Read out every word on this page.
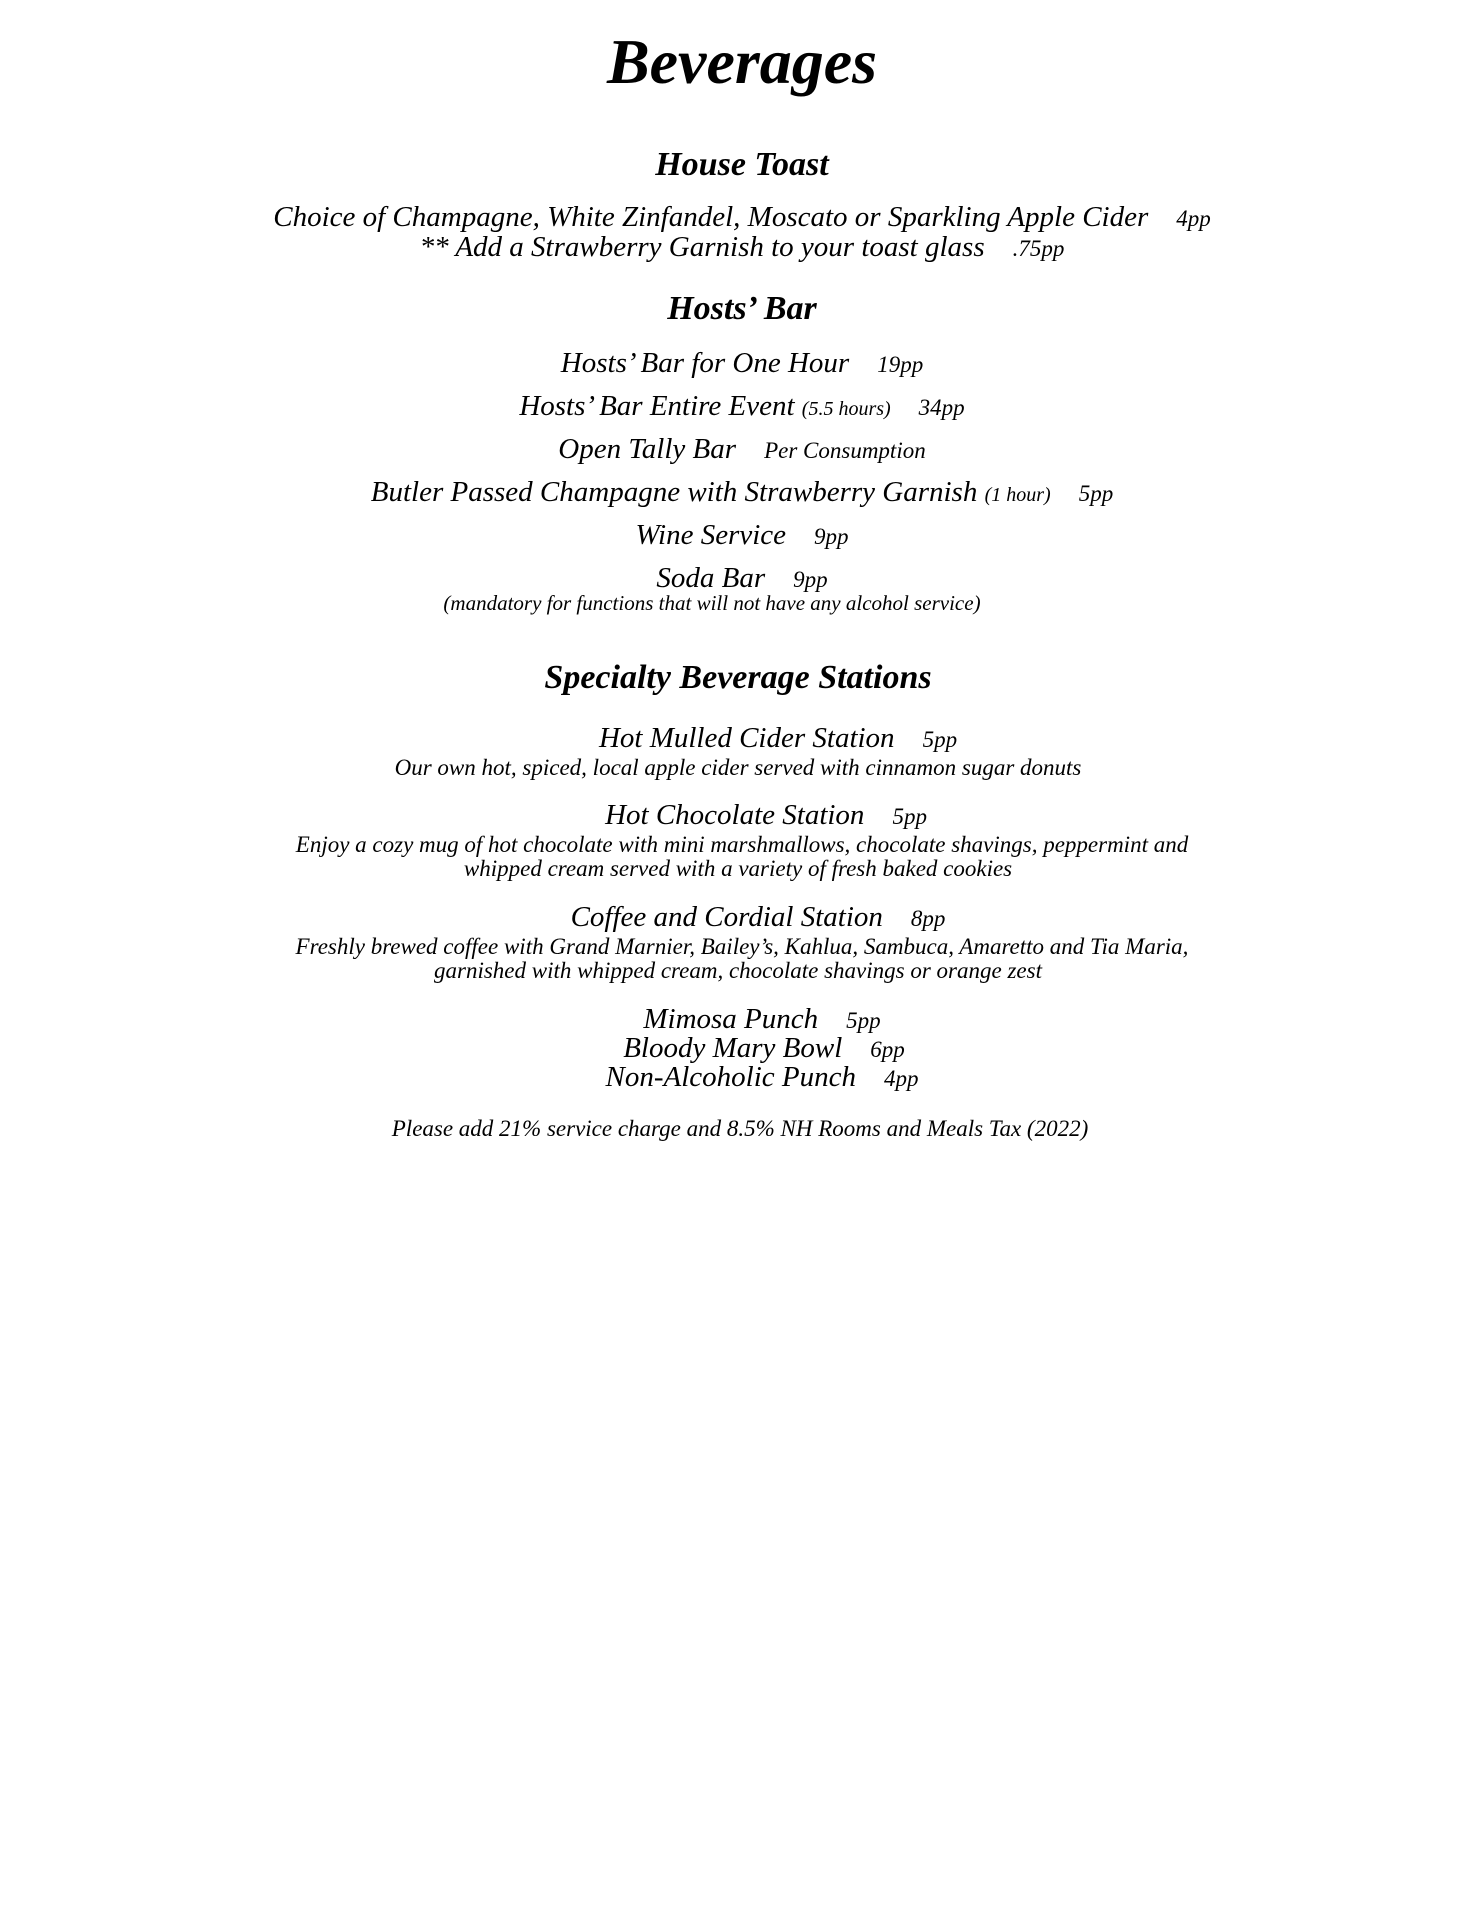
Beverages
House Toast
Choice of Champagne, White Zinfandel, Moscato or Sparkling Apple Cider 4pp
** Add a Strawberry Garnish to your toast glass .75pp
Hosts’ Bar
Hosts’ Bar for One Hour 19pp
Hosts’ Bar Entire Event (5.5 hours) 34pp
Open Tally Bar Per Consumption
Butler Passed Champagne with Strawberry Garnish (1 hour) 5pp
Wine Service 9pp
Soda Bar 9pp
(mandatory for functions that will not have any alcohol service)
Specialty Beverage Stations
Hot Mulled Cider Station 5pp
Our own hot, spiced, local apple cider served with cinnamon sugar donuts
Hot Chocolate Station 5pp
Enjoy a cozy mug of hot chocolate with mini marshmallows, chocolate shavings, peppermint and
whipped cream served with a variety of fresh baked cookies
Coffee and Cordial Station 8pp
Freshly brewed coffee with Grand Marnier, Bailey’s, Kahlua, Sambuca, Amaretto and Tia Maria,
garnished with whipped cream, chocolate shavings or orange zest
Mimosa Punch 5pp
Bloody Mary Bowl 6pp
Non-Alcoholic Punch 4pp
Please add 21% service charge and 8.5% NH Rooms and Meals Tax (2022)
